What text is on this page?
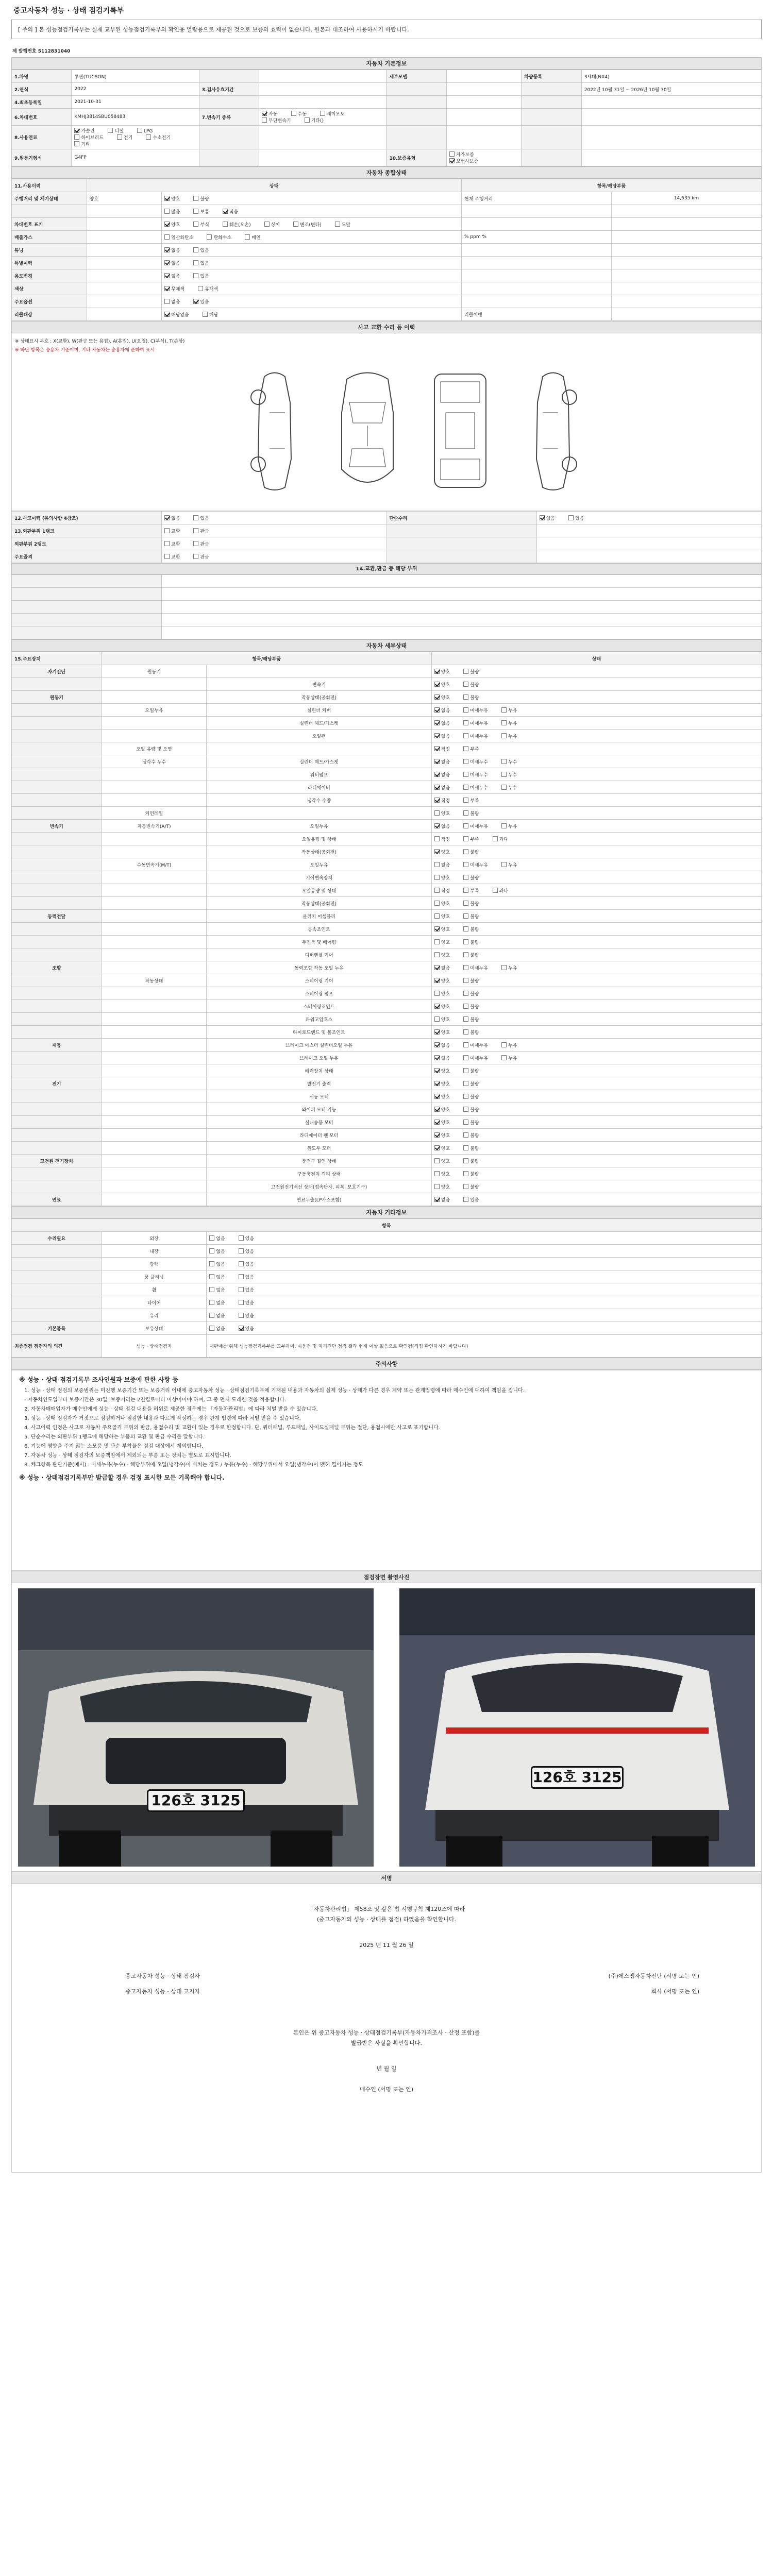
중고자동차 성능 · 상태 점검기록부
[ 주의 ] 본 성능점검기록부는 실제 교부된 성능점검기록부의 확인용 열람용으로 제공된 것으로 보증의 효력이 없습니다. 원본과 대조하여 사용하시기 바랍니다.
제 발행번호 5112831040
자동차 기본정보
1.차명	투싼(TUCSON)			세부모델		차량등록	3세대(NX4)
2.연식	2022	3.검사유효기간					2022년 10월 31일 ~ 2026년 10월 30일
4.최초등록일	2021-10-31						
6.차대번호	KMHJ3814SBU058483	7.변속기 종류	자동 수동 세미오토무단변속기 기타()				
8.사용연료	가솔린 디젤 LPG하이브리드 전기 수소전기기타						
9.원동기형식	G4FP			10.보증유형	자가보증보험사보증		
자동차 종합상태
11.사용이력	상태		항목/해당부품	
주행거리 및 계기상태	양호	양호 불량	현재 주행거리	14,635 km
		많음 보통 적음		
차대번호 표기		양호 부식 훼손(오손) 상이 변조(변타) 도말		
배출가스		일산화탄소 탄화수소 매연	% ppm %	
튜닝		없음 있음		
특별이력		없음 있음		
용도변경		없음 있음		
색상		무채색 유채색		
주요옵션		없음 있음		
리콜대상		해당없음 해당	리콜이행	
사고 교환 수리 등 이력
※ 상태표시 부호 : X(교환), W(판금 또는 용접), A(흠집), U(요철), C(부식), T(손상)
※ 하단 항목은 승용차 기준이며, 기타 자동차는 승용차에 준하여 표시
12.사고이력 (유의사항 4참조)	없음 있음	단순수리	없음 있음
13.외판부위 1랭크	교환 판금		
외판부위 2랭크	교환 판금		
주요골격	교환 판금		
14.교환,판금 등 해당 부위

자동차 세부상태
15.주요장치	항목/해당부품		상태
자기진단	원동기		양호 불량
		변속기	양호 불량
원동기		작동상태(공회전)	양호 불량
	오일누유	실린더 커버	없음 미세누유 누유
		실린더 헤드/가스켓	없음 미세누유 누유
		오일팬	없음 미세누유 누유
	오일 유량 및 오염		적정 부족
	냉각수 누수	실린더 헤드/가스켓	없음 미세누수 누수
		워터펌프	없음 미세누수 누수
		라디에이터	없음 미세누수 누수
		냉각수 수량	적정 부족
	커먼레일		양호 불량
변속기	자동변속기(A/T)	오일누유	없음 미세누유 누유
		오일유량 및 상태	적정 부족 과다
		작동상태(공회전)	양호 불량
	수동변속기(M/T)	오일누유	없음 미세누유 누유
		기어변속장치	양호 불량
		오일유량 및 상태	적정 부족 과다
		작동상태(공회전)	양호 불량
동력전달		클러치 어셈블리	양호 불량
		등속조인트	양호 불량
		추진축 및 베어링	양호 불량
		디퍼렌셜 기어	양호 불량
조향		동력조향 작동 오일 누유	없음 미세누유 누유
	작동상태	스티어링 기어	양호 불량
		스티어링 펌프	양호 불량
		스티어링조인트	양호 불량
		파워고압호스	양호 불량
		타이로드엔드 및 볼조인트	양호 불량
제동		브레이크 마스터 실린더오일 누유	없음 미세누유 누유
		브레이크 오일 누유	없음 미세누유 누유
		배력장치 상태	양호 불량
전기		발전기 출력	양호 불량
		시동 모터	양호 불량
		와이퍼 모터 기능	양호 불량
		실내송풍 모터	양호 불량
		라디에이터 팬 모터	양호 불량
		윈도우 모터	양호 불량
고전원 전기장치		충전구 절연 상태	양호 불량
		구동축전지 격리 상태	양호 불량
		고전원전기배선 상태(접속단자, 피복, 보호기구)	양호 불량
연료		연료누출(LP가스포함)	없음 있음
자동차 기타정보
항목		
수리필요	외장	없음 있음
	내장	없음 있음
	광택	없음 있음
	룸 클리닝	없음 있음
	휠	없음 있음
	타이어	없음 있음
	유리	없음 있음
기본품목	보유상태	없음 있음
최종점검 점검자의 의견	성능 · 상태점검자	재판매를 위해 성능점검기록부를 교부하며, 시운전 및 자기진단 점검 결과 현재 이상 없음으로 확인됨(직접 확인하시기 바랍니다)
주의사항
※ 성능 · 상태 점검기록부 조사인원과 보증에 관한 사항 등

1. 성능 · 상태 점검의 보증범위는 미진행 보증기간 또는 보증거리 이내에 중고자동차 성능 · 상태점검기록부에 기재된 내용과 자동차의 실제 성능 · 상태가 다른 경우 계약 또는 관계법령에 따라 매수인에 대하여 책임을 집니다.

- 자동차인도일부터 보증기간은 30일, 보증거리는 2천킬로미터 이상이어야 하며, 그 중 먼저 도래한 것을 적용합니다.

2. 자동차매매업자가 매수인에게 성능 · 상태 점검 내용을 허위로 제공한 경우에는 「자동차관리법」에 따라 처벌 받을 수 있습니다.

3. 성능 · 상태 점검자가 거짓으로 점검하거나 점검한 내용과 다르게 작성하는 경우 관계 법령에 따라 처벌 받을 수 있습니다.

4. 사고이력 인정은 사고로 자동차 주요골격 부위의 판금, 용접수리 및 교환이 있는 경우로 한정합니다. 단, 쿼터패널, 루프패널, 사이드실패널 부위는 절단, 용접시에만 사고로 표기합니다.

5. 단순수리는 외판부위 1랭크에 해당하는 부품의 교환 및 판금 수리를 말합니다.

6. 기능에 영향을 주지 않는 소모품 및 단순 부착물은 점검 대상에서 제외합니다.

7. 자동차 성능 · 상태 점검자의 보증책임에서 제외되는 부품 또는 장치는 별도로 표시합니다.

8. 체크항목 판단기준(예시) : 미세누유(누수) - 해당부위에 오일(냉각수)이 비치는 정도 / 누유(누수) - 해당부위에서 오일(냉각수)이 맺혀 떨어지는 정도

※ 성능 · 상태점검기록부만 발급할 경우 검정 표시한 모든 기록해야 합니다.
점검장면 촬영사진
126호 3125
126호 3125
서명
「자동차관리법」 제58조 및 같은 법 시행규칙 제120조에 따라
(중고자동차의 성능 · 상태를 점검) 하였음을 확인합니다.
2025 년 11 월 26 일
중고자동차 성능 · 상태 점검자	(주)에스엠자동차진단 (서명 또는 인)
중고자동차 성능 · 상태 고지자	회사 (서명 또는 인)
본인은 위 중고자동차 성능 · 상태점검기록부(자동차가격조사 · 산정 포함)를
발급받은 사실을 확인합니다.
년 월 일
매수인 (서명 또는 인)
